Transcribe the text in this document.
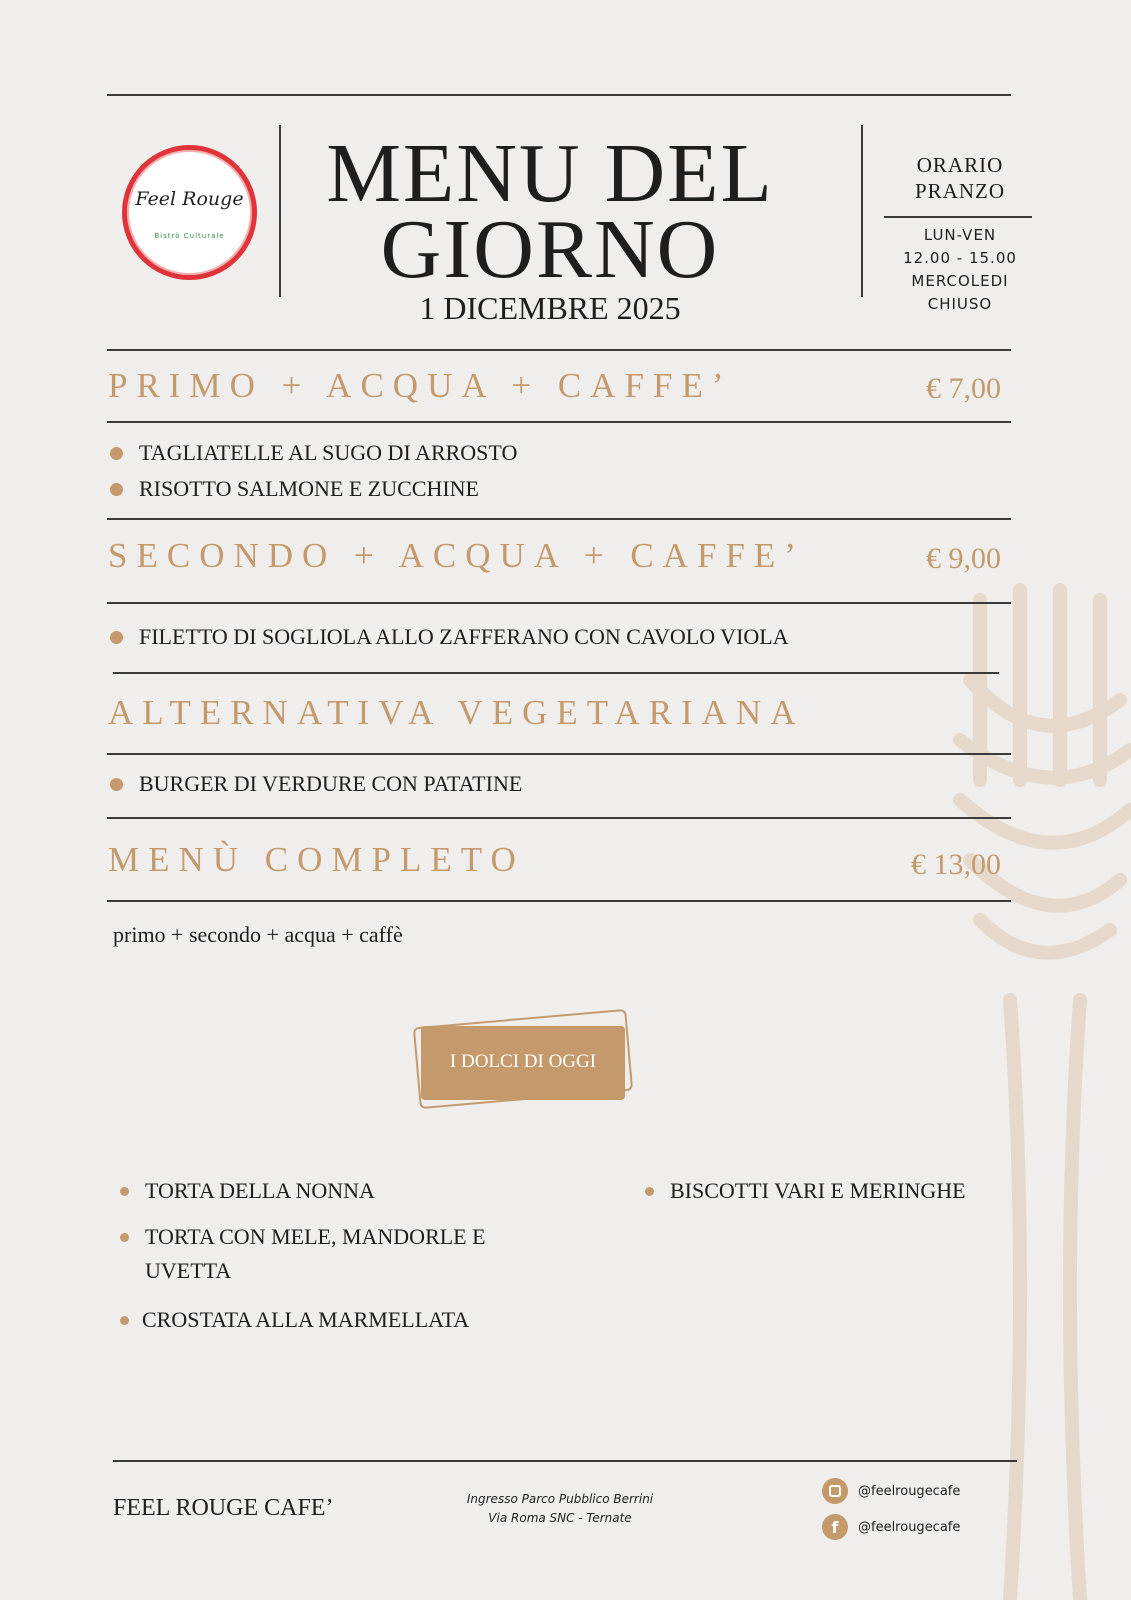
Feel Rouge
Bistrò Culturale
MENU DEL
GIORNO
1 DICEMBRE 2025
ORARIO
PRANZO
LUN-VEN
12.00 - 15.00
MERCOLEDI
CHIUSO
PRIMO + ACQUA + CAFFE’	€ 7,00
TAGLIATELLE AL SUGO DI ARROSTO
RISOTTO SALMONE E ZUCCHINE
SECONDO + ACQUA + CAFFE’	€ 9,00
FILETTO DI SOGLIOLA ALLO ZAFFERANO CON CAVOLO VIOLA
ALTERNATIVA VEGETARIANA
BURGER DI VERDURE CON PATATINE
MENÙ COMPLETO	€ 13,00
primo + secondo + acqua + caffè
I DOLCI DI OGGI
TORTA DELLA NONNA
TORTA CON MELE, MANDORLE E UVETTA
CROSTATA ALLA MARMELLATA
BISCOTTI VARI E MERINGHE
FEEL ROUGE CAFE’	Ingresso Parco Pubblico Berrini
Via Roma SNC - Ternate
@feelrougecafe
f	@feelrougecafe
